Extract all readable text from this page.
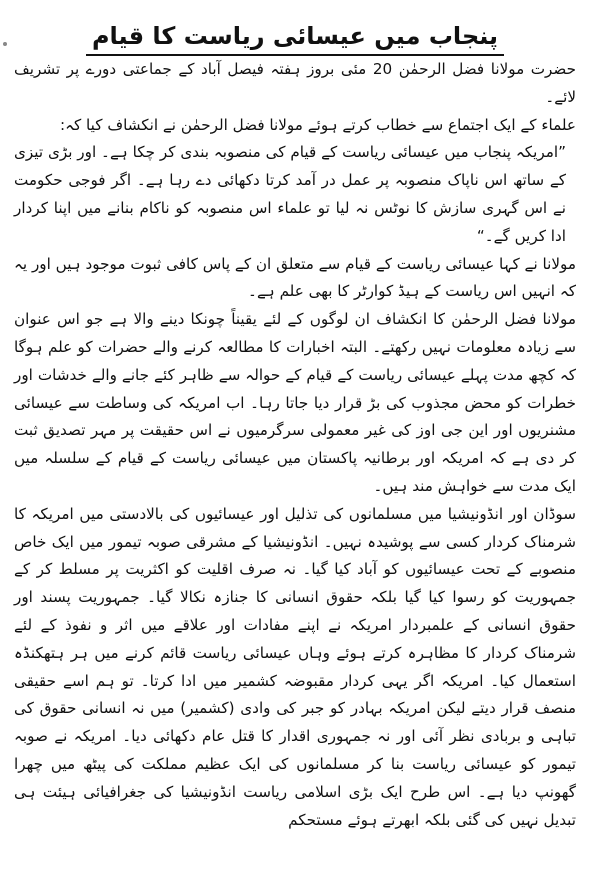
پنجاب میں عیسائی ریاست کا قیام

حضرت مولانا فضل الرحمٰن 20 مئی بروز ہفتہ فیصل آباد کے جماعتی دورے پر تشریف لائے۔

علماء کے ایک اجتماع سے خطاب کرتے ہوئے مولانا فضل الرحمٰن نے انکشاف کیا کہ:

”امریکہ پنجاب میں عیسائی ریاست کے قیام کی منصوبہ بندی کر چکا ہے۔ اور بڑی تیزی کے ساتھ اس ناپاک منصوبہ پر عمل در آمد کرتا دکھائی دے رہا ہے۔ اگر فوجی حکومت نے اس گہری سازش کا نوٹس نہ لیا تو علماء اس منصوبہ کو ناکام بنانے میں اپنا کردار ادا کریں گے۔“

مولانا نے کہا عیسائی ریاست کے قیام سے متعلق ان کے پاس کافی ثبوت موجود ہیں اور یہ کہ انہیں اس ریاست کے ہیڈ کوارٹر کا بھی علم ہے۔

مولانا فضل الرحمٰن کا انکشاف ان لوگوں کے لئے یقیناً چونکا دینے والا ہے جو اس عنوان سے زیادہ معلومات نہیں رکھتے۔ البتہ اخبارات کا مطالعہ کرنے والے حضرات کو علم ہوگا کہ کچھ مدت پہلے عیسائی ریاست کے قیام کے حوالہ سے ظاہر کئے جانے والے خدشات اور خطرات کو محض مجذوب کی بڑ قرار دیا جاتا رہا۔ اب امریکہ کی وساطت سے عیسائی مشنریوں اور این جی اوز کی غیر معمولی سرگرمیوں نے اس حقیقت پر مہر تصدیق ثبت کر دی ہے کہ امریکہ اور برطانیہ پاکستان میں عیسائی ریاست کے قیام کے سلسلہ میں ایک مدت سے خواہش مند ہیں۔

سوڈان اور انڈونیشیا میں مسلمانوں کی تذلیل اور عیسائیوں کی بالادستی میں امریکہ کا شرمناک کردار کسی سے پوشیدہ نہیں۔ انڈونیشیا کے مشرقی صوبہ تیمور میں ایک خاص منصوبے کے تحت عیسائیوں کو آباد کیا گیا۔ نہ صرف اقلیت کو اکثریت پر مسلط کر کے جمہوریت کو رسوا کیا گیا بلکہ حقوق انسانی کا جنازہ نکالا گیا۔ جمہوریت پسند اور حقوق انسانی کے علمبردار امریکہ نے اپنے مفادات اور علاقے میں اثر و نفوذ کے لئے شرمناک کردار کا مظاہرہ کرتے ہوئے وہاں عیسائی ریاست قائم کرنے میں ہر ہتھکنڈہ استعمال کیا۔ امریکہ اگر یہی کردار مقبوضہ کشمیر میں ادا کرتا۔ تو ہم اسے حقیقی منصف قرار دیتے لیکن امریکہ بہادر کو جبر کی وادی (کشمیر) میں نہ انسانی حقوق کی تباہی و بربادی نظر آئی اور نہ جمہوری اقدار کا قتل عام دکھائی دیا۔ امریکہ نے صوبہ تیمور کو عیسائی ریاست بنا کر مسلمانوں کی ایک عظیم مملکت کی پیٹھ میں چھرا گھونپ دیا ہے۔ اس طرح ایک بڑی اسلامی ریاست انڈونیشیا کی جغرافیائی ہیئت ہی تبدیل نہیں کی گئی بلکہ ابھرتے ہوئے مستحکم
